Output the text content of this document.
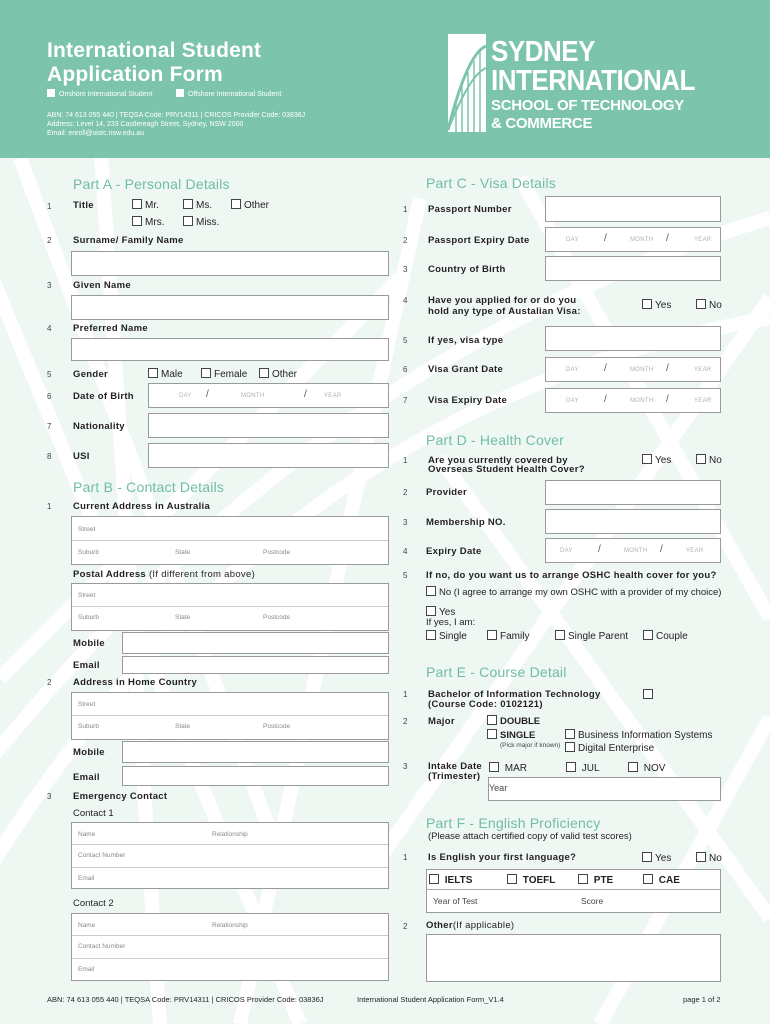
International Student
Application Form
Onshore International Student	Offshore International Student
ABN: 74 613 055 440 | TEQSA Code: PRV14311 | CRICOS Provider Code: 03836J
Address: Level 14, 233 Castlereagh Street, Sydney, NSW 2000
Email: enroll@sistc.nsw.edu.au
SYDNEY
INTERNATIONAL
SCHOOL OF TECHNOLOGY
& COMMERCE
Part A - Personal Details
1 Title	Mr.	Ms.	Other
Mrs.	Miss.
2 Surname/ Family Name
3 Given Name
4 Preferred Name
5 Gender	Male	Female	Other
6 Date of Birth	DAY /	MONTH	/	YEAR
7 Nationality
8 USI
Part B - Contact Details
1 Current Address in Australia
Street
Suburb	State	Postcode
Postal Address (If different from above)
Street
Suburb	State	Postcode
Mobile
Email
2 Address in Home Country
Street
Suburb	State	Postcode
Mobile
Email
3 Emergency Contact
Contact 1
Name	Relationship
Contact Number
Email
Contact 2
Name	Relationship
Contact Number
Email
Part C - Visa Details
1 Passport Number
2 Passport Expiry Date	DAY	/	MONTH /	YEAR
3 Country of Birth
4 Have you applied for or do you
hold any type of Austalian Visa:
Yes	No
5 If yes, visa type
6 Visa Grant Date	DAY	/	MONTH /	YEAR
7 Visa Expiry Date	DAY	/	MONTH /	YEAR
Part D - Health Cover
1 Are you currently covered by
Overseas Student Health Cover?
Yes	No
2 Provider
3 Membership NO.
4 Expiry Date	DAY	/	MONTH /	YEAR
5 If no, do you want us to arrange OSHC health cover for you?
No (I agree to arrange my own OSHC with a provider of my choice)
Yes
If yes, I am:
Single	Family	Single Parent	Couple
Part E - Course Detail
1 Bachelor of Information Technology
(Course Code: 0102121)
2 Major	DOUBLE
SINGLE
(Pick major if known)
Business Information Systems
Digital Enterprise
3 Intake Date
(Trimester)
MAR	JUL	NOV
Year
Part F - English Proficiency
(Please attach certified copy of valid test scores)
1 Is English your first language?	Yes	No
IELTS	TOEFL	PTE	CAE
Year of Test	Score
2 Other(If applicable)
ABN: 74 613 055 440 | TEQSA Code: PRV14311 | CRICOS Provider Code: 03836J	International Student Application Form_V1.4	page 1 of 2
